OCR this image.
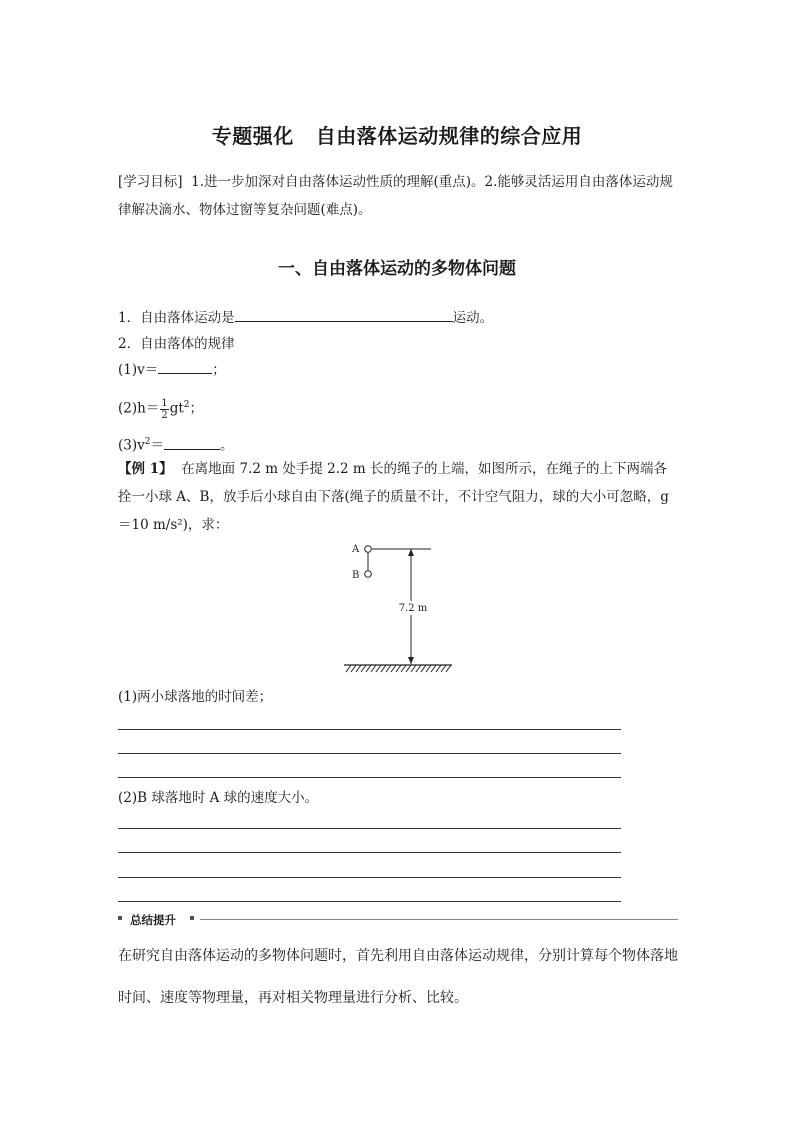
专题强化 自由落体运动规律的综合应用
[学习目标] 1.进一步加深对自由落体运动性质的理解(重点)。2.能够灵活运用自由落体运动规律解决滴水、物体过窗等复杂问题(难点)。
一、自由落体运动的多物体问题
1．自由落体运动是	运动。
2．自由落体的规律
(1)v＝	；
$(2)h= \frac{1}{2} gt^2$；
$(3)v^2=$	。
【例 1】 在离地面 7.2 m 处手提 2.2 m 长的绳子的上端，如图所示，在绳子的上下两端各拴一小球 A、B，放手后小球自由下落(绳子的质量不计，不计空气阻力，球的大小可忽略，g＝10 m/s²)，求：
A
B
7.2 m
(1)两小球落地的时间差；
(2)B 球落地时 A 球的速度大小。
总结提升
在研究自由落体运动的多物体问题时，首先利用自由落体运动规律，分别计算每个物体落地时间、速度等物理量，再对相关物理量进行分析、比较。
